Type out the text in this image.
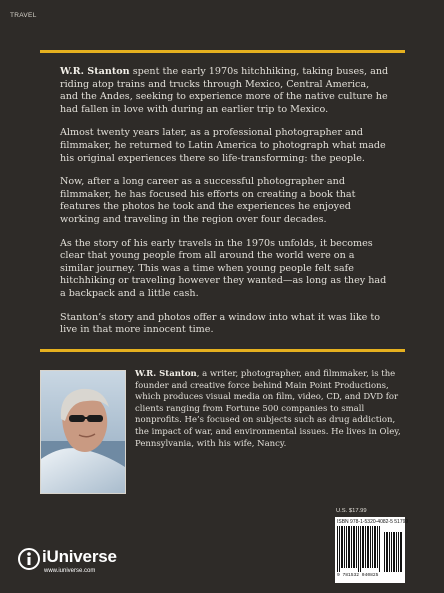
TRAVEL

W.R. Stanton spent the early 1970s hitchhiking, taking buses, and riding atop trains and trucks through Mexico, Central America, and the Andes, seeking to experience more of the native culture he had fallen in love with during an earlier trip to Mexico.

Almost twenty years later, as a professional photographer and filmmaker, he returned to Latin America to photograph what made his original experiences there so life-transforming: the people.

Now, after a long career as a successful photographer and filmmaker, he has focused his efforts on creating a book that features the photos he took and the experiences he enjoyed working and traveling in the region over four decades.

As the story of his early travels in the 1970s unfolds, it becomes clear that young people from all around the world were on a similar journey. This was a time when young people felt safe hitchhiking or traveling however they wanted—as long as they had a backpack and a little cash.

Stanton’s story and photos offer a window into what it was like to live in that more innocent time.

W.R. Stanton, a writer, photographer, and filmmaker, is the founder and creative force behind Main Point Productions, which produces visual media on film, video, CD, and DVD for clients ranging from Fortune 500 companies to small nonprofits. He’s focused on subjects such as drug addiction, the impact of war, and environmental issues. He lives in Oley, Pennsylvania, with his wife, Nancy.

U.S. $17.99
ISBN 978-1-5320-4082-5 51799
9 781532 040825
iUniverse
www.iuniverse.com
